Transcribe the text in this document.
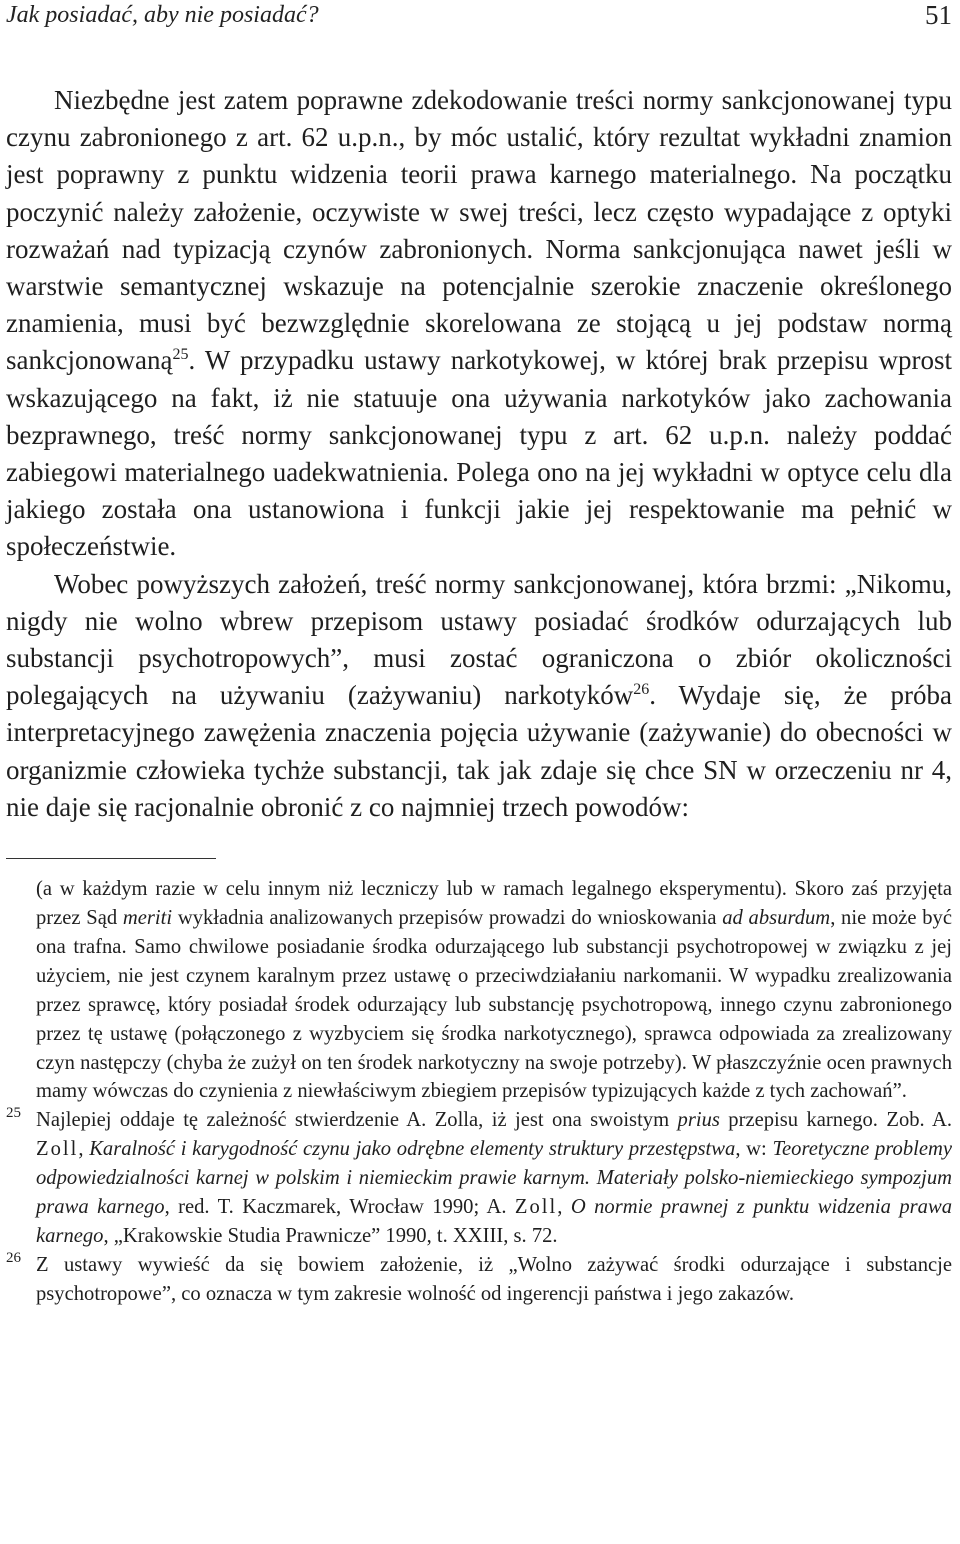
Jak posiadać, aby nie posiadać?	51

Niezbędne jest zatem poprawne zdekodowanie treści normy sankcjonowanej typu czynu zabronionego z art. 62 u.p.n., by móc ustalić, który rezultat wykładni znamion jest poprawny z punktu widzenia teorii prawa karnego materialnego. Na początku poczynić należy założenie, oczywiste w swej treści, lecz często wypadające z optyki rozważań nad typizacją czynów zabronionych. Norma sankcjonująca nawet jeśli w warstwie semantycznej wskazuje na potencjalnie szerokie znaczenie określonego znamienia, musi być bezwzględnie skorelowana ze stojącą u jej podstaw normą sankcjonowaną$^{25}$. W przypadku ustawy narkotykowej, w której brak przepisu wprost wskazującego na fakt, iż nie statuuje ona używania narkotyków jako zachowania bezprawnego, treść normy sankcjonowanej typu z art. 62 u.p.n. należy poddać zabiegowi materialnego uadekwatnienia. Polega ono na jej wykładni w optyce celu dla jakiego została ona ustanowiona i funkcji jakie jej respektowanie ma pełnić w społeczeństwie.

Wobec powyższych założeń, treść normy sankcjonowanej, która brzmi: „Nikomu, nigdy nie wolno wbrew przepisom ustawy posiadać środków odurzających lub substancji psychotropowych”, musi zostać ograniczona o zbiór okoliczności polegających na używaniu (zażywaniu) narkotyków$^{26}$. Wydaje się, że próba interpretacyjnego zawężenia znaczenia pojęcia używanie (zażywanie) do obecności w organizmie człowieka tychże substancji, tak jak zdaje się chce SN w orzeczeniu nr 4, nie daje się racjonalnie obronić z co najmniej trzech powodów:

(a w każdym razie w celu innym niż leczniczy lub w ramach legalnego eksperymentu). Skoro zaś przyjęta przez Sąd meriti wykładnia analizowanych przepisów prowadzi do wnioskowania ad absurdum, nie może być ona trafna. Samo chwilowe posiadanie środka odurzającego lub substancji psychotropowej w związku z jej użyciem, nie jest czynem karalnym przez ustawę o przeciwdziałaniu narkomanii. W wypadku zrealizowania przez sprawcę, który posiadał środek odurzający lub substancję psychotropową, innego czynu zabronionego przez tę ustawę (połączonego z wyzbyciem się środka narkotycznego), sprawca odpowiada za zrealizowany czyn następczy (chyba że zużył on ten środek narkotyczny na swoje potrzeby). W płaszczyźnie ocen prawnych mamy wówczas do czynienia z niewłaściwym zbiegiem przepisów typizujących każde z tych zachowań”.

25 Najlepiej oddaje tę zależność stwierdzenie A. Zolla, iż jest ona swoistym prius przepisu karnego. Zob. A. Zoll, Karalność i karygodność czynu jako odrębne elementy struktury przestępstwa, w: Teoretyczne problemy odpowiedzialności karnej w polskim i niemieckim prawie karnym. Materiały polsko-niemieckiego sympozjum prawa karnego, red. T. Kaczmarek, Wrocław 1990; A. Zoll, O normie prawnej z punktu widzenia prawa karnego, „Krakowskie Studia Prawnicze” 1990, t. XXIII, s. 72.

26 Z ustawy wywieść da się bowiem założenie, iż „Wolno zażywać środki odurzające i substancje psychotropowe”, co oznacza w tym zakresie wolność od ingerencji państwa i jego zakazów.
